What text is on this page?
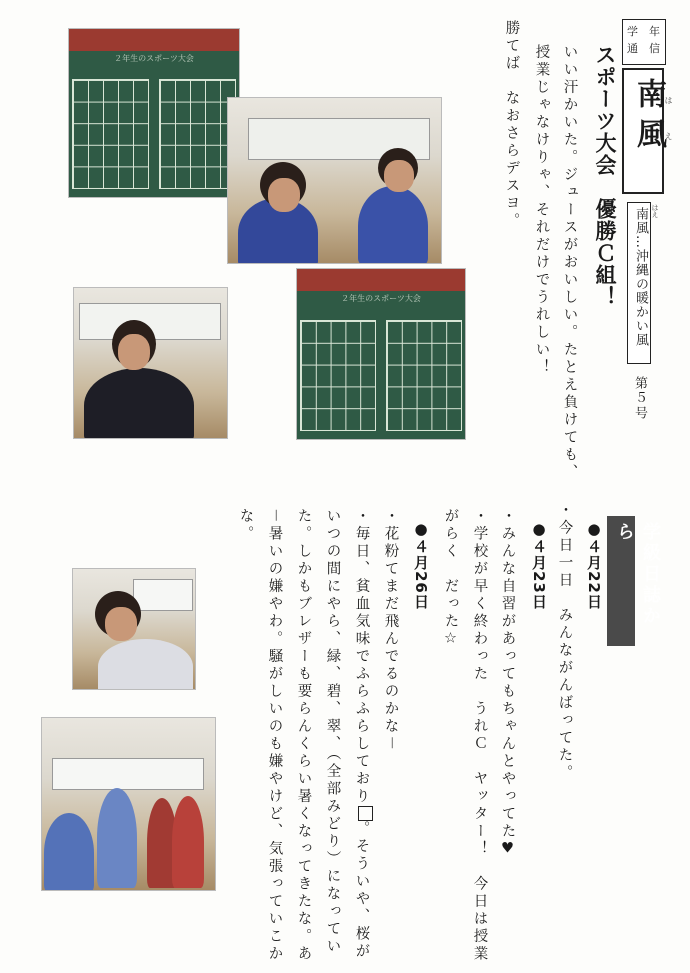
２年生のスポーツ大会
２年生のスポーツ大会
年
信
学
通
南風
はえ
南風…沖縄の暖かい風 はえ
第５号
スポーツ大会　優勝Ｃ組！
いい汗かいた。ジュースがおいしい。たとえ負けても、
授業じゃなけりゃ、それだけでうれしい！
勝てば　なおさらデスヨ。
学級日誌から
●４月22日
・今日一日　みんながんばってた。
●４月23日
・みんな自習があってもちゃんとやってた♥
・学校が早く終わった　うれＣ　ヤッター！　今日は授業
がらく　だった☆
●４月26日
・花粉てまだ飛んでるのかな－
・毎日、貧血気味でふらふらしており。そういや、桜が
いつの間にやら、緑、碧、翠、（全部みどり）になってい
た。しかもブレザーも要らんくらい暑くなってきたな。あ
－暑いの嫌やわ。騒がしいのも嫌やけど、気張っていこか
な。
